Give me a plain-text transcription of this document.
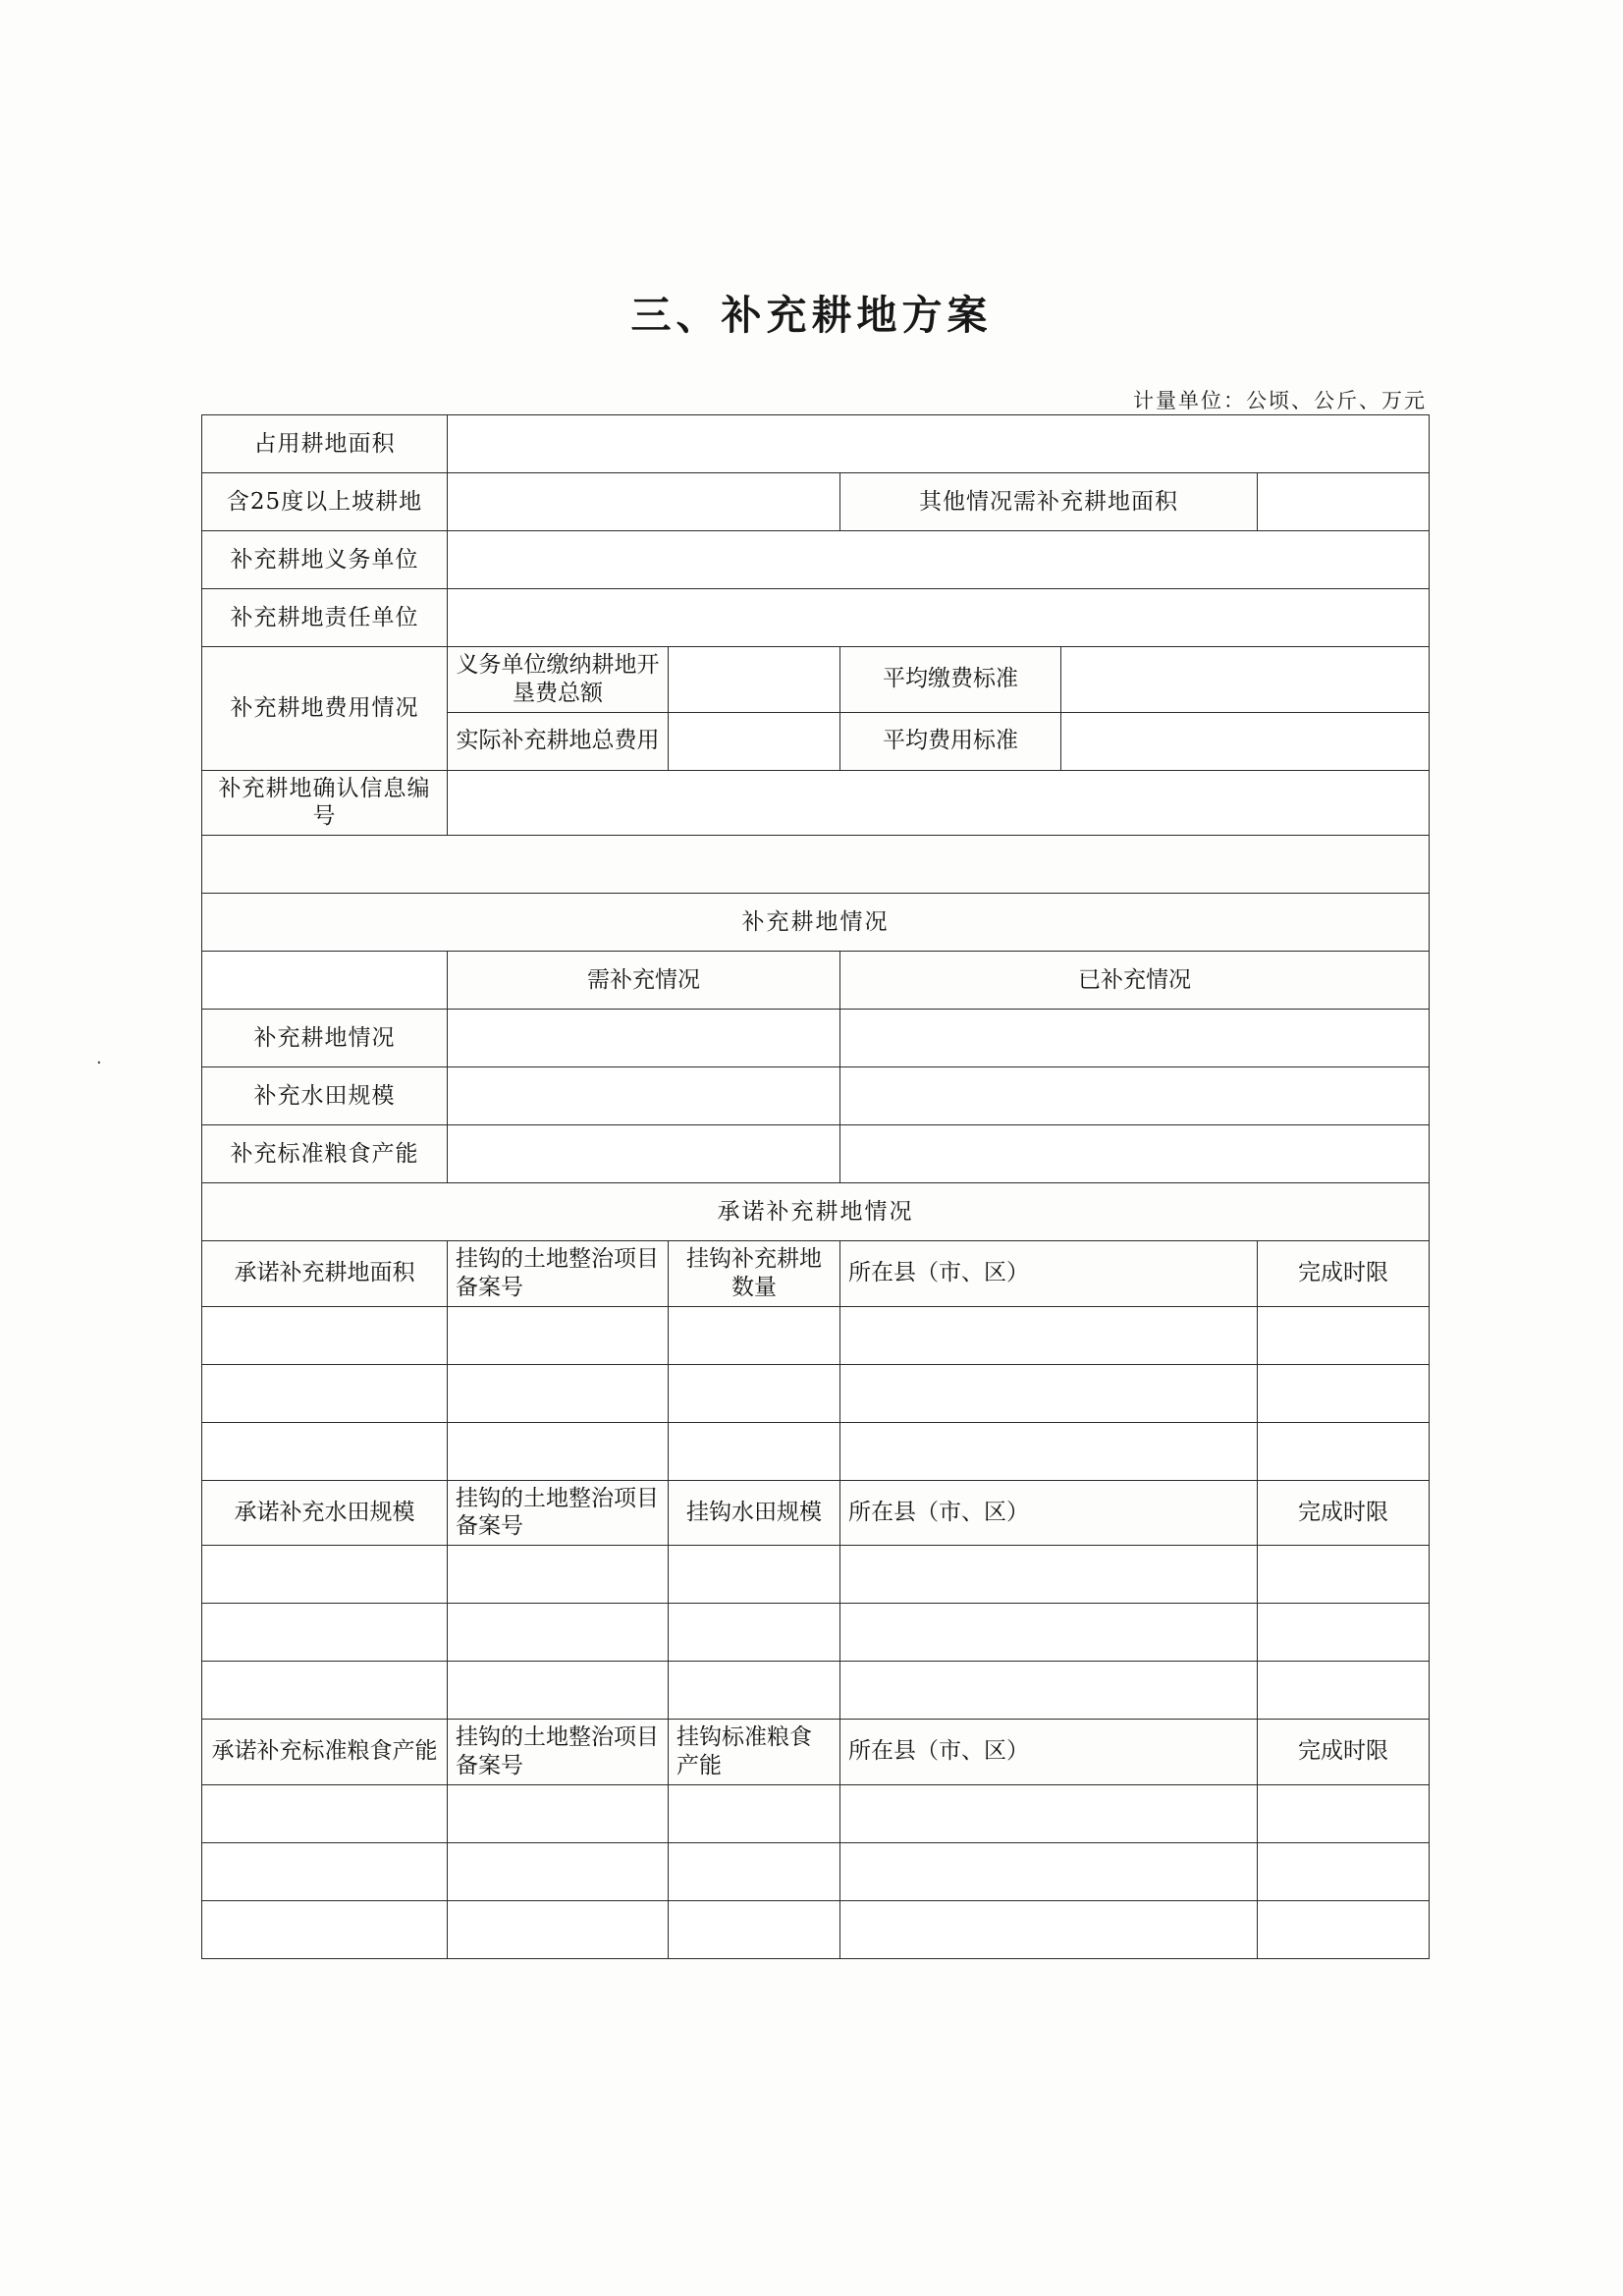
三、补充耕地方案
计量单位：公顷、公斤、万元
·
占用耕地面积					
含25度以上坡耕地			其他情况需补充耕地面积		
补充耕地义务单位					
补充耕地责任单位					
补充耕地费用情况	义务单位缴纳耕地开垦费总额		平均缴费标准		
	实际补充耕地总费用		平均费用标准		
补充耕地确认信息编号					

补充耕地情况					
	需补充情况		已补充情况		
补充耕地情况					
补充水田规模					
补充标准粮食产能					
承诺补充耕地情况					
承诺补充耕地面积	挂钩的土地整治项目备案号	挂钩补充耕地数量	所在县（市、区）		完成时限

承诺补充水田规模	挂钩的土地整治项目备案号	挂钩水田规模	所在县（市、区）		完成时限

承诺补充标准粮食产能	挂钩的土地整治项目备案号	挂钩标准粮食产能	所在县（市、区）		完成时限
